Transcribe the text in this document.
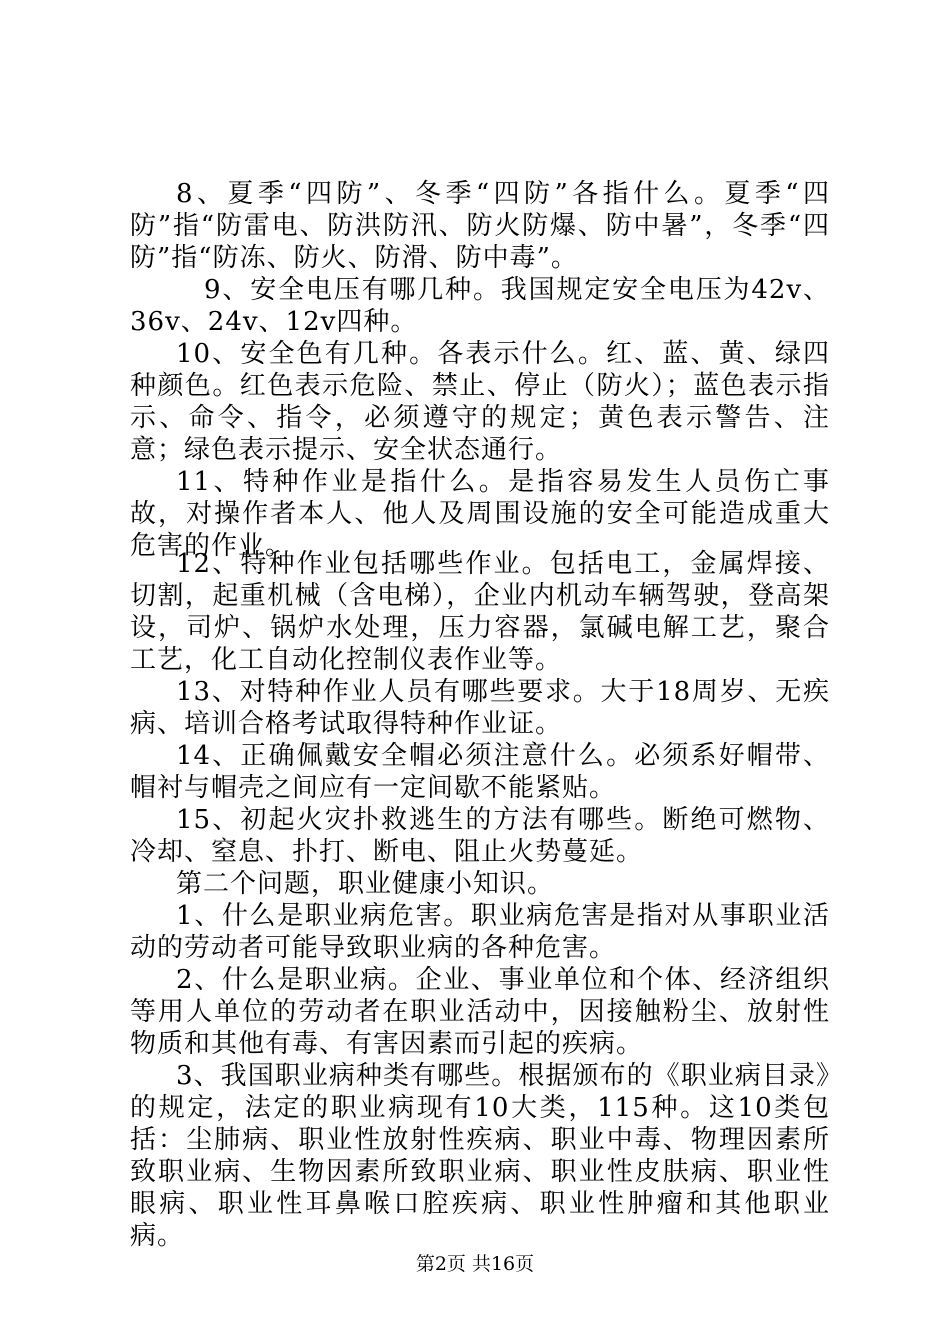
8、夏季“四防”、冬季“四防”各指什么。夏季“四防”指“防雷电、防洪防汛、防火防爆、防中暑”，冬季“四防”指“防冻、防火、防滑、防中毒”。

9、安全电压有哪几种。我国规定安全电压为42v、36v、24v、12v四种。

10、安全色有几种。各表示什么。红、蓝、黄、绿四种颜色。红色表示危险、禁止、停止（防火）；蓝色表示指示、命令、指令，必须遵守的规定；黄色表示警告、注意；绿色表示提示、安全状态通行。

11、特种作业是指什么。是指容易发生人员伤亡事故，对操作者本人、他人及周围设施的安全可能造成重大危害的作业。

12、特种作业包括哪些作业。包括电工，金属焊接、切割，起重机械（含电梯），企业内机动车辆驾驶，登高架设，司炉、锅炉水处理，压力容器，氯碱电解工艺，聚合工艺，化工自动化控制仪表作业等。

13、对特种作业人员有哪些要求。大于18周岁、无疾病、培训合格考试取得特种作业证。

14、正确佩戴安全帽必须注意什么。必须系好帽带、帽衬与帽壳之间应有一定间歇不能紧贴。

15、初起火灾扑救逃生的方法有哪些。断绝可燃物、冷却、窒息、扑打、断电、阻止火势蔓延。

第二个问题，职业健康小知识。

1、什么是职业病危害。职业病危害是指对从事职业活动的劳动者可能导致职业病的各种危害。

2、什么是职业病。企业、事业单位和个体、经济组织等用人单位的劳动者在职业活动中，因接触粉尘、放射性物质和其他有毒、有害因素而引起的疾病。

3、我国职业病种类有哪些。根据颁布的《职业病目录》的规定，法定的职业病现有10大类，115种。这10类包括：尘肺病、职业性放射性疾病、职业中毒、物理因素所致职业病、生物因素所致职业病、职业性皮肤病、职业性眼病、职业性耳鼻喉口腔疾病、职业性肿瘤和其他职业病。

第2页 共16页
